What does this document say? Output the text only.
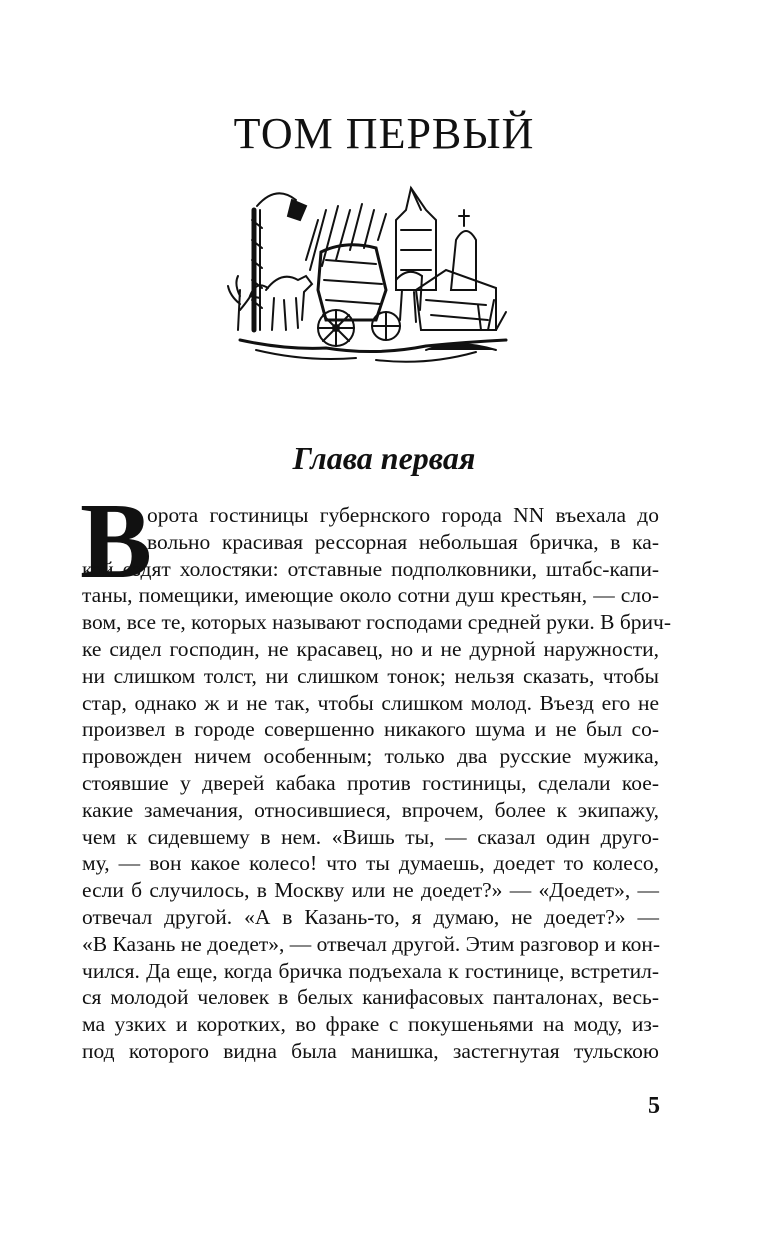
ТОМ ПЕРВЫЙ
Глава первая
В
орота гостиницы губернского города NN въехала до
вольно красивая рессорная небольшая бричка, в ка-
кой ездят холостяки: отставные подполковники, штабс-капи-
таны, помещики, имеющие около сотни душ крестьян, — сло-
вом, все те, которых называют господами средней руки. В брич-
ке сидел господин, не красавец, но и не дурной наружности,
ни слишком толст, ни слишком тонок; нельзя сказать, чтобы
стар, однако ж и не так, чтобы слишком молод. Въезд его не
произвел в городе совершенно никакого шума и не был со-
провожден ничем особенным; только два русские мужика,
стоявшие у дверей кабака против гостиницы, сделали кое-
какие замечания, относившиеся, впрочем, более к экипажу,
чем к сидевшему в нем. «Вишь ты, — сказал один друго-
му, — вон какое колесо! что ты думаешь, доедет то колесо,
если б случилось, в Москву или не доедет?» — «Доедет», —
отвечал другой. «А в Казань-то, я думаю, не доедет?» —
«В Казань не доедет», — отвечал другой. Этим разговор и кон-
чился. Да еще, когда бричка подъехала к гостинице, встретил-
ся молодой человек в белых канифасовых панталонах, весь-
ма узких и коротких, во фраке с покушеньями на моду, из-
под которого видна была манишка, застегнутая тульскою
5
